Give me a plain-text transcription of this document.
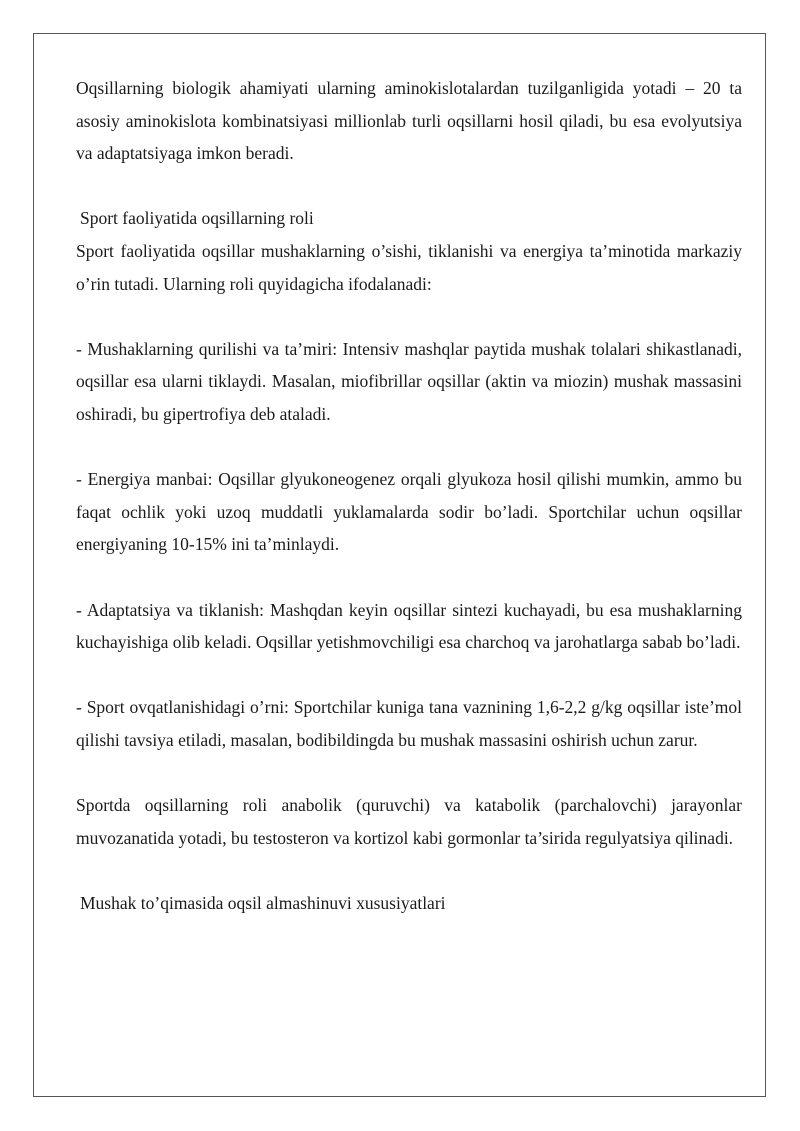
Oqsillarning biologik ahamiyati ularning aminokislotalardan tuzilganligida yotadi – 20 ta asosiy aminokislota kombinatsiyasi millionlab turli oqsillarni hosil qiladi, bu esa evolyutsiya va adaptatsiyaga imkon beradi.

Sport faoliyatida oqsillarning roli

Sport faoliyatida oqsillar mushaklarning o’sishi, tiklanishi va energiya ta’minotida markaziy o’rin tutadi. Ularning roli quyidagicha ifodalanadi:

- Mushaklarning qurilishi va ta’miri: Intensiv mashqlar paytida mushak tolalari shikastlanadi, oqsillar esa ularni tiklaydi. Masalan, miofibrillar oqsillar (aktin va miozin) mushak massasini oshiradi, bu gipertrofiya deb ataladi.

- Energiya manbai: Oqsillar glyukoneogenez orqali glyukoza hosil qilishi mumkin, ammo bu faqat ochlik yoki uzoq muddatli yuklamalarda sodir bo’ladi. Sportchilar uchun oqsillar energiyaning 10-15% ini ta’minlaydi.

- Adaptatsiya va tiklanish: Mashqdan keyin oqsillar sintezi kuchayadi, bu esa mushaklarning kuchayishiga olib keladi. Oqsillar yetishmovchiligi esa charchoq va jarohatlarga sabab bo’ladi.

- Sport ovqatlanishidagi o’rni: Sportchilar kuniga tana vaznining 1,6-2,2 g/kg oqsillar iste’mol qilishi tavsiya etiladi, masalan, bodibildingda bu mushak massasini oshirish uchun zarur.

Sportda oqsillarning roli anabolik (quruvchi) va katabolik (parchalovchi) jarayonlar muvozanatida yotadi, bu testosteron va kortizol kabi gormonlar ta’sirida regulyatsiya qilinadi.

Mushak to’qimasida oqsil almashinuvi xususiyatlari
